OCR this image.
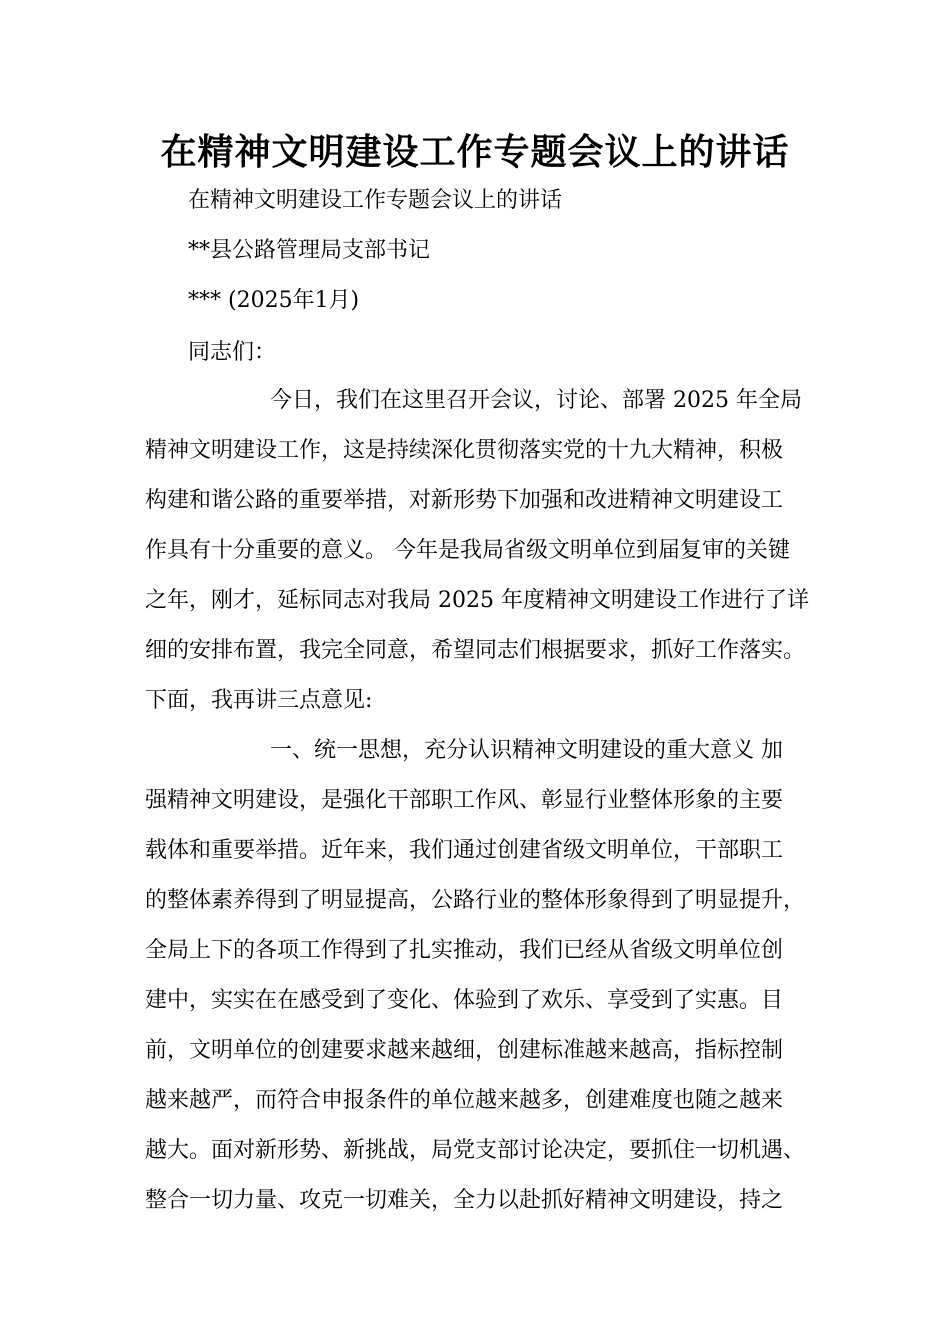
在精神文明建设工作专题会议上的讲话
在精神文明建设工作专题会议上的讲话
**县公路管理局支部书记
*** (2025年1月)
同志们：
今日，我们在这里召开会议，讨论、部署 2025 年全局
精神文明建设工作，这是持续深化贯彻落实党的十九大精神，积极
构建和谐公路的重要举措，对新形势下加强和改进精神文明建设工
作具有十分重要的意义。 今年是我局省级文明单位到届复审的关键
之年，刚才，延标同志对我局 2025 年度精神文明建设工作进行了详
细的安排布置，我完全同意，希望同志们根据要求，抓好工作落实。
下面，我再讲三点意见:
一、统一思想，充分认识精神文明建设的重大意义 加
强精神文明建设，是强化干部职工作风、彰显行业整体形象的主要
载体和重要举措。近年来，我们通过创建省级文明单位，干部职工
的整体素养得到了明显提高，公路行业的整体形象得到了明显提升，
全局上下的各项工作得到了扎实推动，我们已经从省级文明单位创
建中，实实在在感受到了变化、体验到了欢乐、享受到了实惠。目
前，文明单位的创建要求越来越细，创建标准越来越高，指标控制
越来越严，而符合申报条件的单位越来越多，创建难度也随之越来
越大。面对新形势、新挑战，局党支部讨论决定，要抓住一切机遇、
整合一切力量、攻克一切难关，全力以赴抓好精神文明建设，持之
